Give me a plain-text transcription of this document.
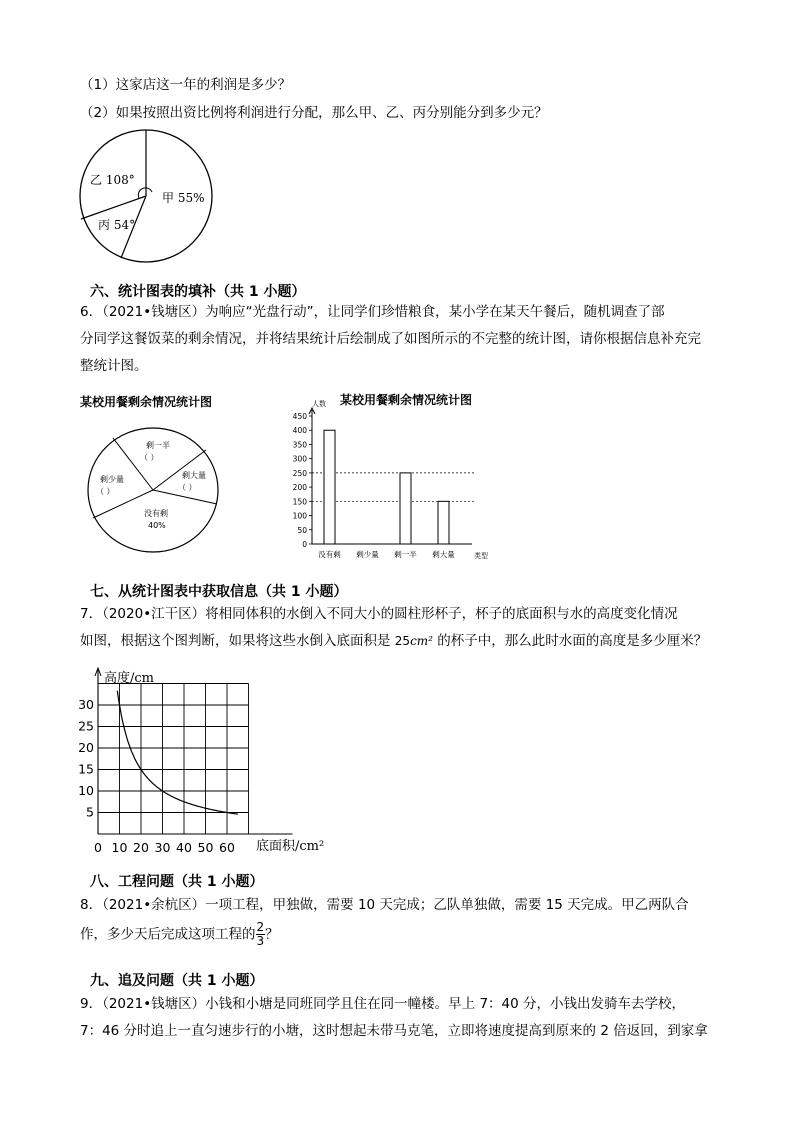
（1）这家店这一年的利润是多少？
（2）如果按照出资比例将利润进行分配，那么甲、乙、丙分别能分到多少元？
乙 108°
甲 55%
丙 54°
六、统计图表的填补（共 1 小题）
6．（2021•钱塘区）为响应“光盘行动”，让同学们珍惜粮食，某小学在某天午餐后，随机调查了部
分同学这餐饭菜的剩余情况，并将结果统计后绘制成了如图所示的不完整的统计图，请你根据信息补充完
整统计图。
某校用餐剩余情况统计图
剩一半
（ ）
剩少量
（ ）
剩大量
（ ）
没有剩
40%
某校用餐剩余情况统计图
人数
类型
0
50
100
150
200
250
300
350
400
450
没有剩 剩少量 剩一半 剩大量
七、从统计图表中获取信息（共 1 小题）
7．（2020•江干区）将相同体积的水倒入不同大小的圆柱形杯子，杯子的底面积与水的高度变化情况
如图，根据这个图判断，如果将这些水倒入底面积是 25cm² 的杯子中，那么此时水面的高度是多少厘米？
高度/cm
底面积/cm²
5
10
15
20
25
30
0 10 20 30 40 50 60
八、工程问题（共 1 小题）
8．（2021•余杭区）一项工程，甲独做，需要 10 天完成；乙队单独做，需要 15 天完成。甲乙两队合
作，多少天后完成这项工程的 $\frac{2}{3}$ ？
九、追及问题（共 1 小题）
9．（2021•钱塘区）小钱和小塘是同班同学且住在同一幢楼。早上 7：40 分，小钱出发骑车去学校，
7：46 分时追上一直匀速步行的小塘，这时想起未带马克笔，立即将速度提高到原来的 2 倍返回，到家拿
